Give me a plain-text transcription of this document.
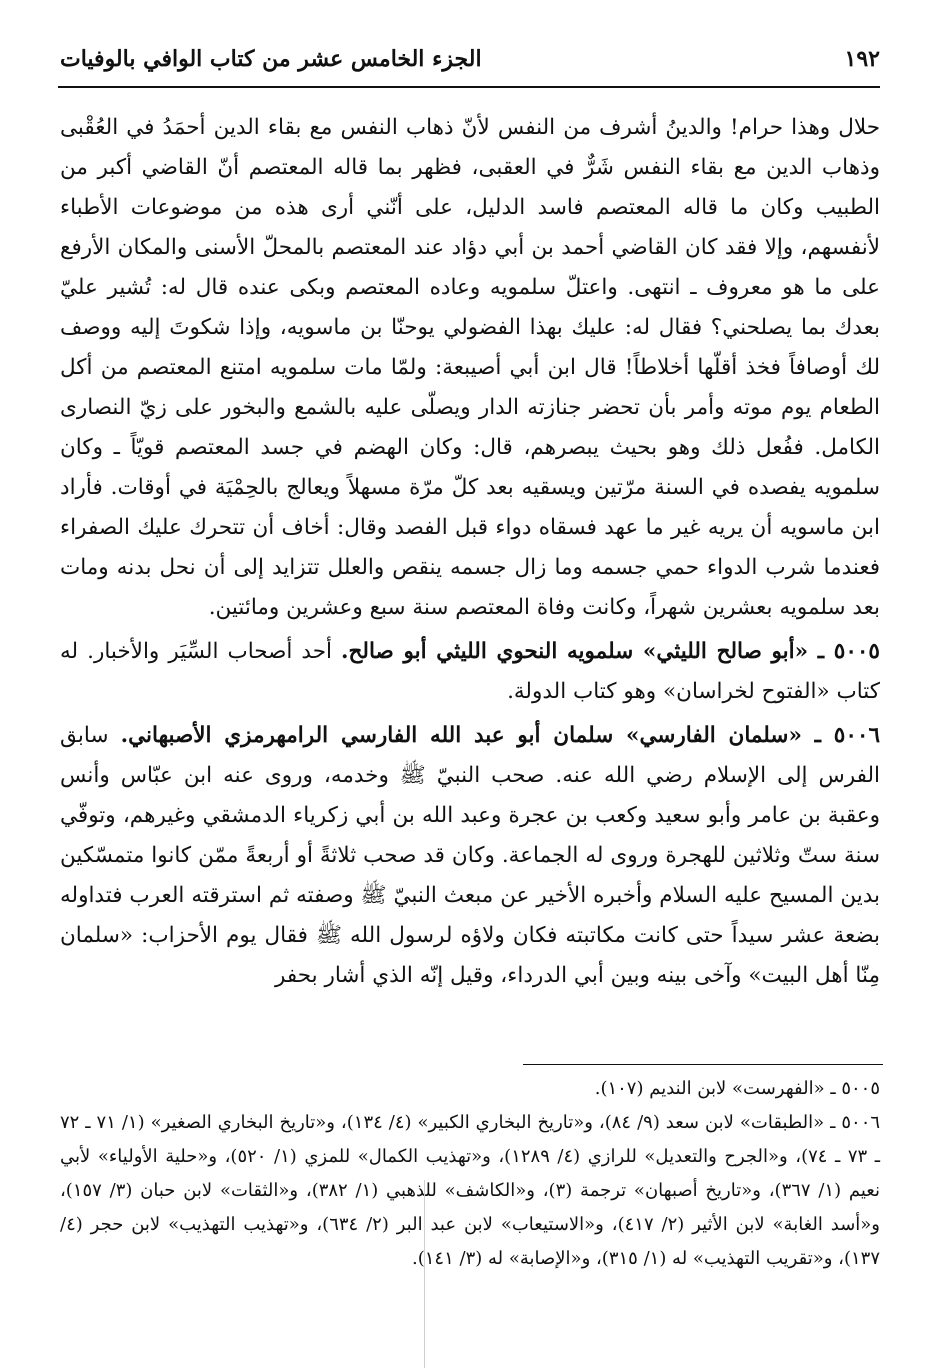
١٩٢
الجزء الخامس عشر من كتاب الوافي بالوفيات

حلال وهذا حرام! والدينُ أشرف من النفس لأنّ ذهاب النفس مع بقاء الدين أحمَدُ في العُقْبى وذهاب الدين مع بقاء النفس شَرٌّ في العقبى، فظهر بما قاله المعتصم أنّ القاضي أكبر من الطبيب وكان ما قاله المعتصم فاسد الدليل، على أنّني أرى هذه من موضوعات الأطباء لأنفسهم، وإلا فقد كان القاضي أحمد بن أبي دؤاد عند المعتصم بالمحلّ الأسنى والمكان الأرفع على ما هو معروف ـ انتهى. واعتلّ سلمويه وعاده المعتصم وبكى عنده قال له: تُشير عليّ بعدك بما يصلحني؟ فقال له: عليك بهذا الفضولي يوحنّا بن ماسويه، وإذا شكوتَ إليه ووصف لك أوصافاً فخذ أقلّها أخلاطاً! قال ابن أبي أصيبعة: ولمّا مات سلمويه امتنع المعتصم من أكل الطعام يوم موته وأمر بأن تحضر جنازته الدار ويصلّى عليه بالشمع والبخور على زيّ النصارى الكامل. ففُعل ذلك وهو بحيث يبصرهم، قال: وكان الهضم في جسد المعتصم قويّاً ـ وكان سلمويه يفصده في السنة مرّتين ويسقيه بعد كلّ مرّة مسهلاً ويعالج بالحِمْيَة في أوقات. فأراد ابن ماسويه أن يريه غير ما عهد فسقاه دواء قبل الفصد وقال: أخاف أن تتحرك عليك الصفراء فعندما شرب الدواء حمي جسمه وما زال جسمه ينقص والعلل تتزايد إلى أن نحل بدنه ومات بعد سلمويه بعشرين شهراً، وكانت وفاة المعتصم سنة سبع وعشرين ومائتين.

٥٠٠٥ ـ «أبو صالح الليثي» سلمويه النحوي الليثي أبو صالح. أحد أصحاب السِّيَر والأخبار. له كتاب «الفتوح لخراسان» وهو كتاب الدولة.

٥٠٠٦ ـ «سلمان الفارسي» سلمان أبو عبد الله الفارسي الرامهرمزي الأصبهاني. سابق الفرس إلى الإسلام رضي الله عنه. صحب النبيّ ﷺ وخدمه، وروى عنه ابن عبّاس وأنس وعقبة بن عامر وأبو سعيد وكعب بن عجرة وعبد الله بن أبي زكرياء الدمشقي وغيرهم، وتوفّي سنة ستّ وثلاثين للهجرة وروى له الجماعة. وكان قد صحب ثلاثةً أو أربعةً ممّن كانوا متمسّكين بدين المسيح عليه السلام وأخبره الأخير عن مبعث النبيّ ﷺ وصفته ثم استرقته العرب فتداوله بضعة عشر سيداً حتى كانت مكاتبته فكان ولاؤه لرسول الله ﷺ فقال يوم الأحزاب: «سلمان مِنّا أهل البيت» وآخى بينه وبين أبي الدرداء، وقيل إنّه الذي أشار بحفر

٥٠٠٥ ـ «الفهرست» لابن النديم (١٠٧).

٥٠٠٦ ـ «الطبقات» لابن سعد (٩/ ٨٤)، و«تاريخ البخاري الكبير» (٤/ ١٣٤)، و«تاريخ البخاري الصغير» (١/ ٧١ ـ ٧٢ ـ ٧٣ ـ ٧٤)، و«الجرح والتعديل» للرازي (٤/ ١٢٨٩)، و«تهذيب الكمال» للمزي (١/ ٥٢٠)، و«حلية الأولياء» لأبي نعيم (١/ ٣٦٧)، و«تاريخ أصبهان» ترجمة (٣)، و«الكاشف» للذهبي (١/ ٣٨٢)، و«الثقات» لابن حبان (٣/ ١٥٧)، و«أسد الغابة» لابن الأثير (٢/ ٤١٧)، و«الاستيعاب» لابن عبد البر (٢/ ٦٣٤)، و«تهذيب التهذيب» لابن حجر (٤/ ١٣٧)، و«تقريب التهذيب» له (١/ ٣١٥)، و«الإصابة» له (٣/ ١٤١).
